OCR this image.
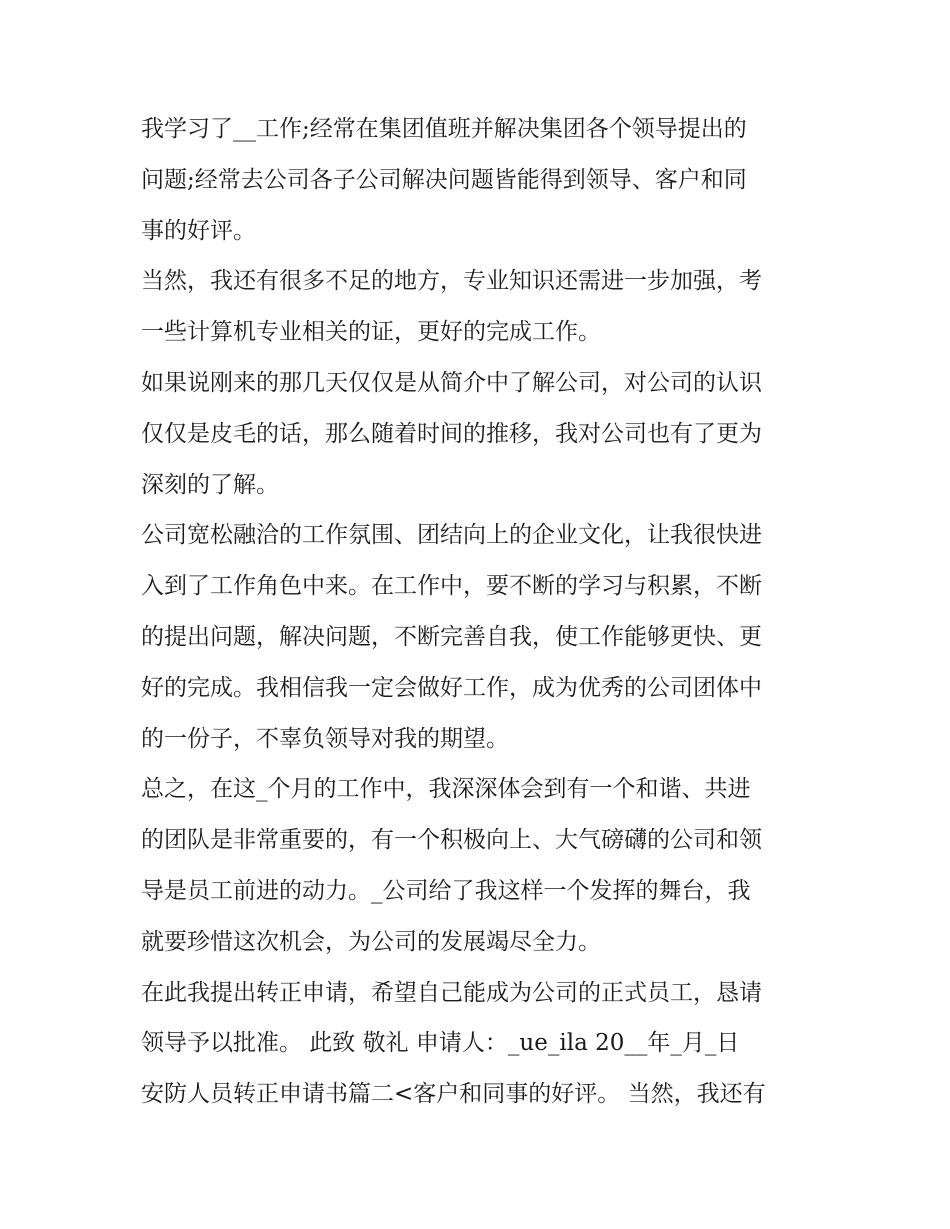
我学习了__工作;经常在集团值班并解决集团各个领导提出的
问题;经常去公司各子公司解决问题皆能得到领导、客户和同
事的好评。

当然，我还有很多不足的地方，专业知识还需进一步加强，考
一些计算机专业相关的证，更好的完成工作。

如果说刚来的那几天仅仅是从简介中了解公司，对公司的认识
仅仅是皮毛的话，那么随着时间的推移，我对公司也有了更为
深刻的了解。

公司宽松融洽的工作氛围、团结向上的企业文化，让我很快进
入到了工作角色中来。在工作中，要不断的学习与积累，不断
的提出问题，解决问题，不断完善自我，使工作能够更快、更
好的完成。我相信我一定会做好工作，成为优秀的公司团体中
的一份子，不辜负领导对我的期望。

总之，在这_个月的工作中，我深深体会到有一个和谐、共进
的团队是非常重要的，有一个积极向上、大气磅礴的公司和领
导是员工前进的动力。_公司给了我这样一个发挥的舞台，我
就要珍惜这次机会，为公司的发展竭尽全力。

在此我提出转正申请，希望自己能成为公司的正式员工，恳请
领导予以批准。 此致 敬礼 申请人：_ue_ila 20__年_月_日

安防人员转正申请书篇二<客户和同事的好评。 当然，我还有
